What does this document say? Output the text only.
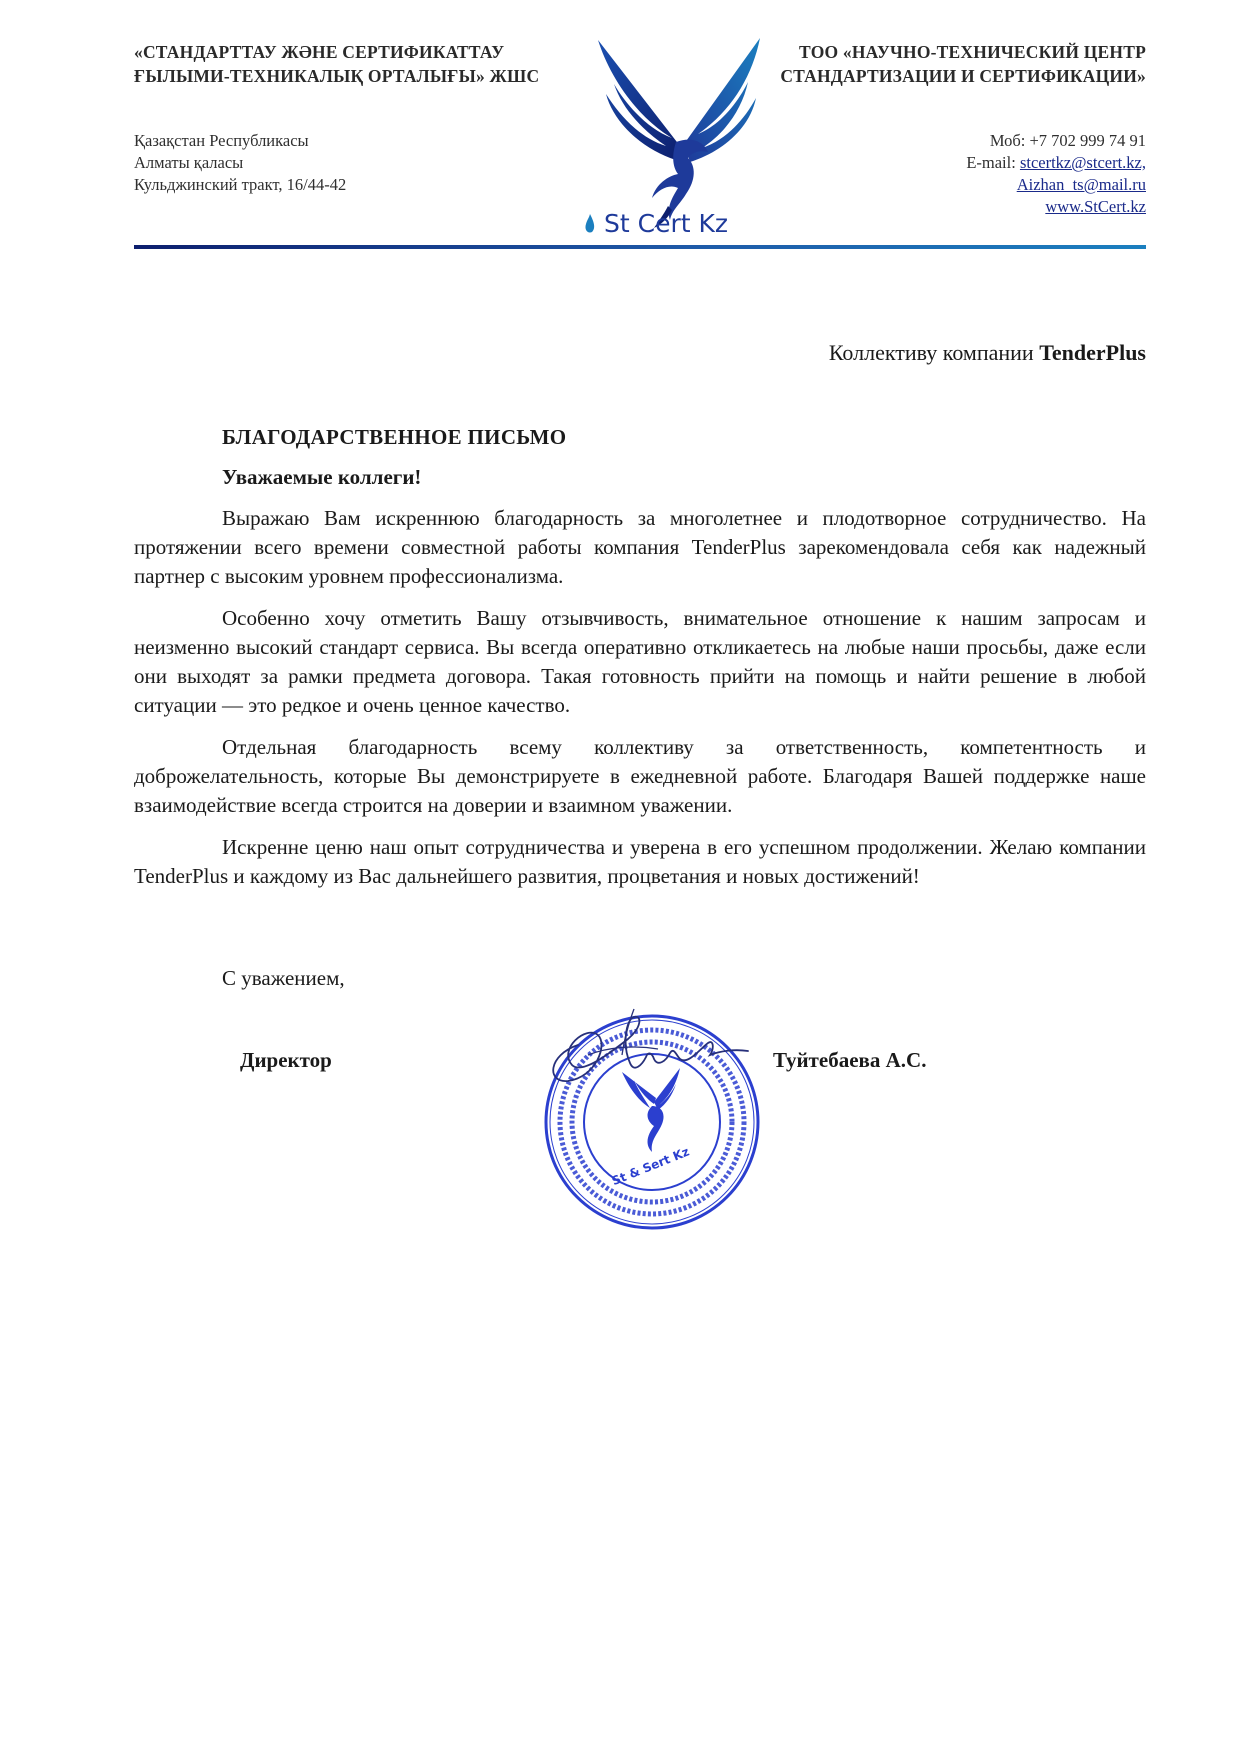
«СТАНДАРТТАУ ЖӘНЕ СЕРТИФИКАТТАУ
ҒЫЛЫМИ-ТЕХНИКАЛЫҚ ОРТАЛЫҒЫ» ЖШС
ТОО «НАУЧНО-ТЕХНИЧЕСКИЙ ЦЕНТР
СТАНДАРТИЗАЦИИ И СЕРТИФИКАЦИИ»
Қазақстан Республикасы
Алматы қаласы
Кульджинский тракт, 16/44-42
Моб: +7 702 999 74 91
E-mail: stcertkz@stcert.kz,
Aizhan_ts@mail.ru
www.StCert.kz
St Cert Kz
Коллективу компании TenderPlus
БЛАГОДАРСТВЕННОЕ ПИСЬМО
Уважаемые коллеги!

Выражаю Вам искреннюю благодарность за многолетнее и плодотворное сотрудничество. На протяжении всего времени совместной работы компания TenderPlus зарекомендовала себя как надежный партнер с высоким уровнем профессионализма.

Особенно хочу отметить Вашу отзывчивость, внимательное отношение к нашим запросам и неизменно высокий стандарт сервиса. Вы всегда оперативно откликаетесь на любые наши просьбы, даже если они выходят за рамки предмета договора. Такая готовность прийти на помощь и найти решение в любой ситуации — это редкое и очень ценное качество.

Отдельная благодарность всему коллективу за ответственность, компетентность и доброжелательность, которые Вы демонстрируете в ежедневной работе. Благодаря Вашей поддержке наше взаимодействие всегда строится на доверии и взаимном уважении.

Искренне ценю наш опыт сотрудничества и уверена в его успешном продолжении. Желаю компании TenderPlus и каждому из Вас дальнейшего развития, процветания и новых достижений!

С уважением,
St & Sert Kz
Директор	Туйтебаева А.С.
